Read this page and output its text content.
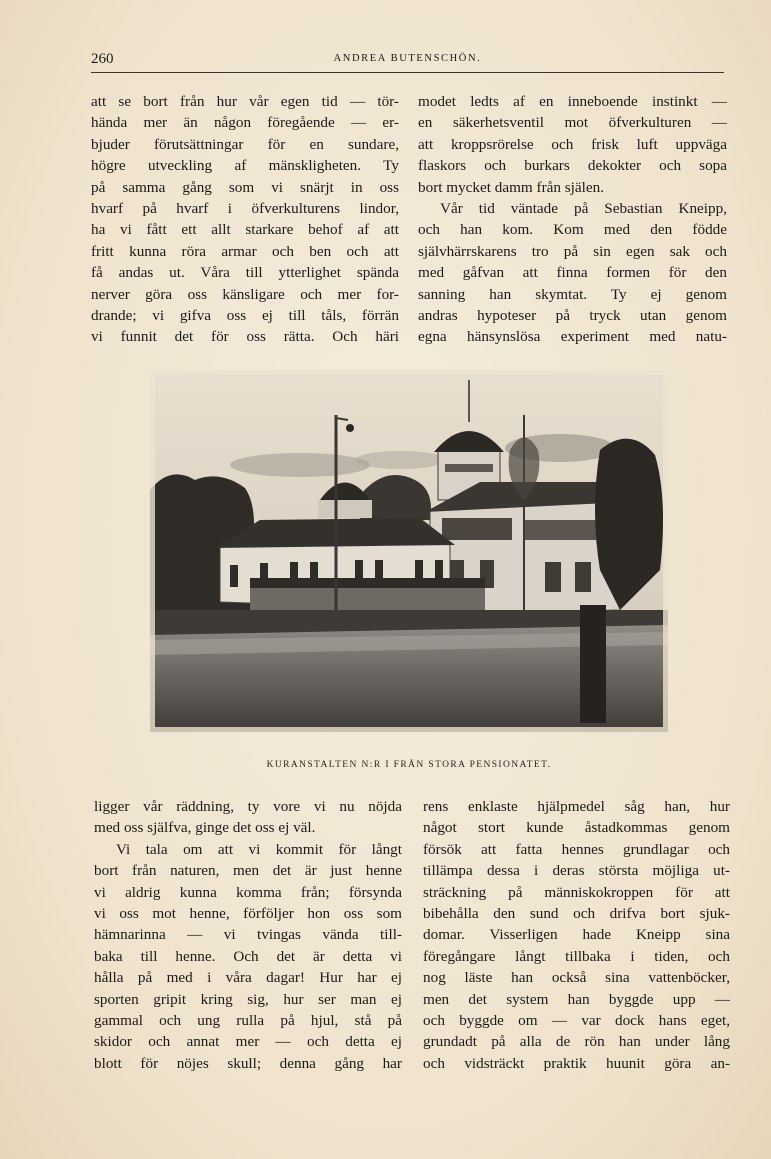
260	ANDREA BUTENSCHÖN.
att se bort från hur vår egen tid — tör-
hända mer än någon föregående — er-
bjuder förutsättningar för en sundare,
högre utveckling af mänskligheten. Ty
på samma gång som vi snärjt in oss
hvarf på hvarf i öfverkulturens lindor,
ha vi fått ett allt starkare behof af att
fritt kunna röra armar och ben och att
få andas ut. Våra till ytterlighet spända
nerver göra oss känsligare och mer for-
drande; vi gifva oss ej till tåls, förrän
vi funnit det för oss rätta. Och häri
modet ledts af en inneboende instinkt —
en säkerhetsventil mot öfverkulturen —
att kroppsrörelse och frisk luft uppväga
flaskors och burkars dekokter och sopa
bort mycket damm från själen.
Vår tid väntade på Sebastian Kneipp,
och han kom. Kom med den födde
självhärrskarens tro på sin egen sak och
med gåfvan att finna formen för den
sanning han skymtat. Ty ej genom
andras hypoteser på tryck utan genom
egna hänsynslösa experiment med natu-
KURANSTALTEN N:R I FRÅN STORA PENSIONATET.
ligger vår räddning, ty vore vi nu nöjda
med oss själfva, ginge det oss ej väl.
Vi tala om att vi kommit för långt
bort från naturen, men det är just henne
vi aldrig kunna komma från; försynda
vi oss mot henne, förföljer hon oss som
hämnarinna — vi tvingas vända till-
baka till henne. Och det är detta vi
hålla på med i våra dagar! Hur har ej
sporten gripit kring sig, hur ser man ej
gammal och ung rulla på hjul, stå på
skidor och annat mer — och detta ej
blott för nöjes skull; denna gång har
rens enklaste hjälpmedel såg han, hur
något stort kunde åstadkommas genom
försök att fatta hennes grundlagar och
tillämpa dessa i deras största möjliga ut-
sträckning på människokroppen för att
bibehålla den sund och drifva bort sjuk-
domar. Visserligen hade Kneipp sina
föregångare långt tillbaka i tiden, och
nog läste han också sina vattenböcker,
men det system han byggde upp —
och byggde om — var dock hans eget,
grundadt på alla de rön han under lång
och vidsträckt praktik huunit göra an-
